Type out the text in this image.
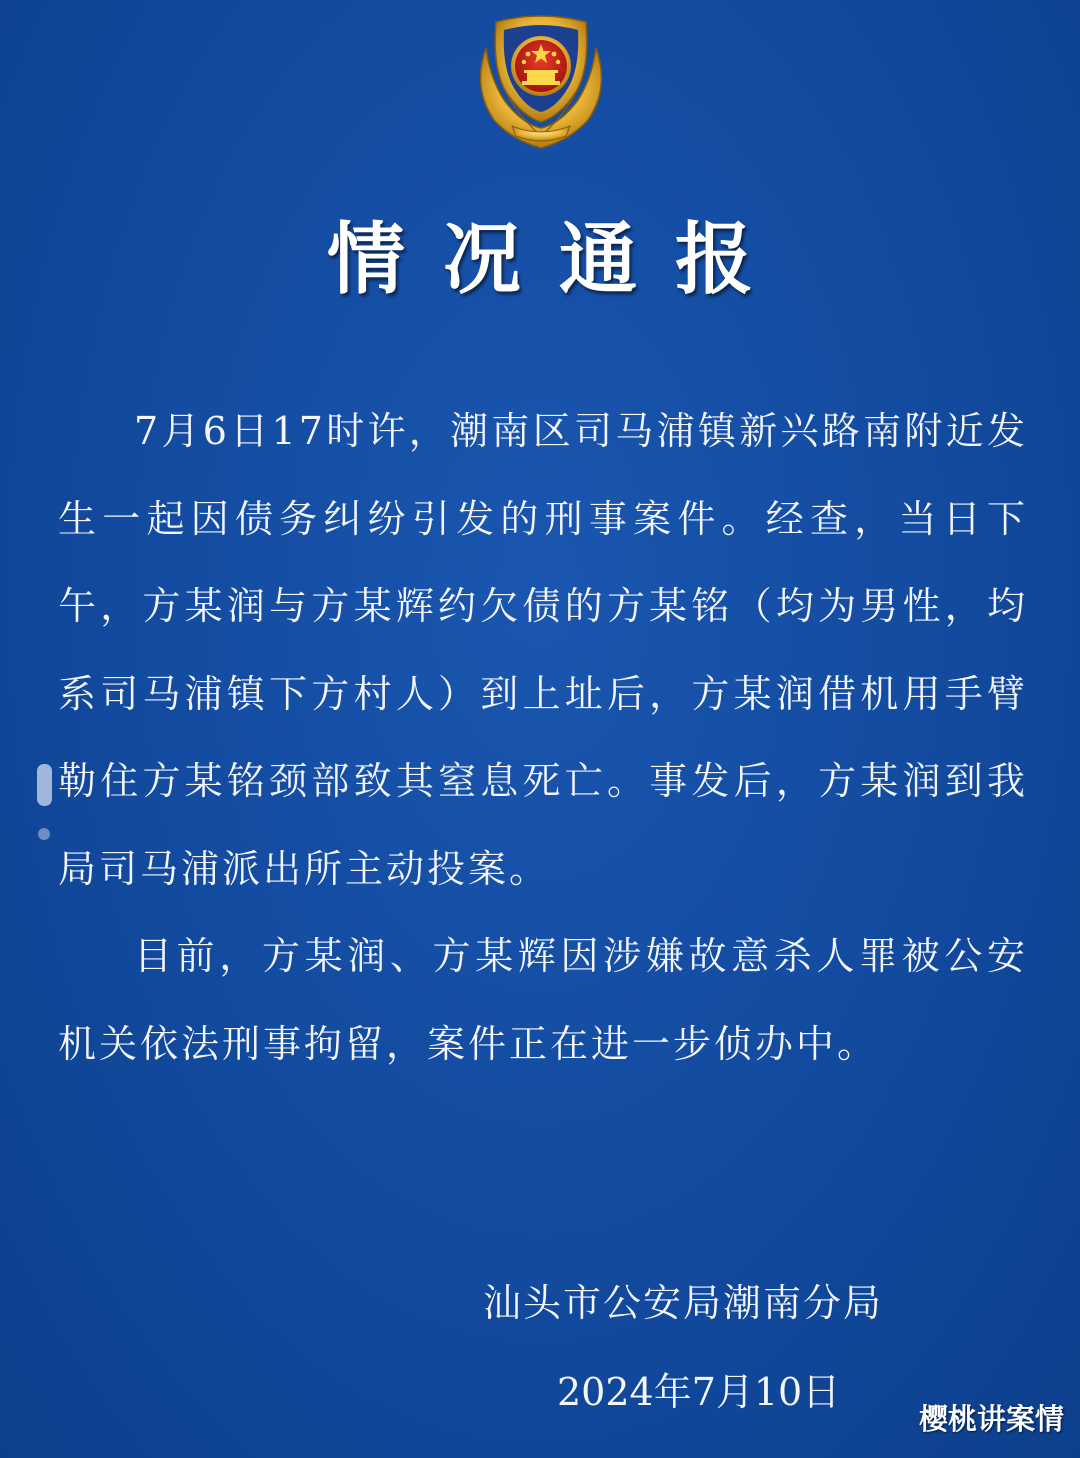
情况通报

7月6日17时许，潮南区司马浦镇新兴路南附近发生一起因债务纠纷引发的刑事案件。经查，当日下午，方某润与方某辉约欠债的方某铭（均为男性，均系司马浦镇下方村人）到上址后，方某润借机用手臂勒住方某铭颈部致其窒息死亡。事发后，方某润到我局司马浦派出所主动投案。

目前，方某润、方某辉因涉嫌故意杀人罪被公安机关依法刑事拘留，案件正在进一步侦办中。

汕头市公安局潮南分局
2024年7月10日
樱桃讲案情
